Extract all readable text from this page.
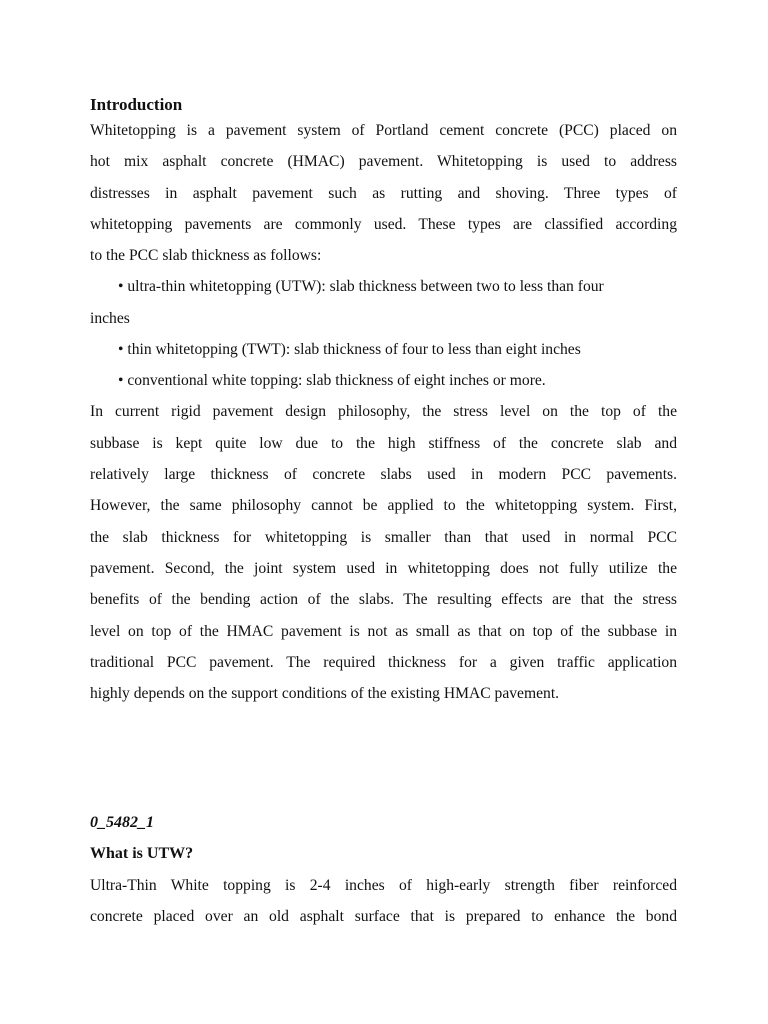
Introduction
Whitetopping is a pavement system of Portland cement concrete (PCC) placed on
hot mix asphalt concrete (HMAC) pavement. Whitetopping is used to address
distresses in asphalt pavement such as rutting and shoving. Three types of
whitetopping pavements are commonly used. These types are classified according
to the PCC slab thickness as follows:
• ultra-thin whitetopping (UTW): slab thickness between two to less than four
inches
• thin whitetopping (TWT): slab thickness of four to less than eight inches
• conventional white topping: slab thickness of eight inches or more.
In current rigid pavement design philosophy, the stress level on the top of the
subbase is kept quite low due to the high stiffness of the concrete slab and
relatively large thickness of concrete slabs used in modern PCC pavements.
However, the same philosophy cannot be applied to the whitetopping system. First,
the slab thickness for whitetopping is smaller than that used in normal PCC
pavement. Second, the joint system used in whitetopping does not fully utilize the
benefits of the bending action of the slabs. The resulting effects are that the stress
level on top of the HMAC pavement is not as small as that on top of the subbase in
traditional PCC pavement. The required thickness for a given traffic application
highly depends on the support conditions of the existing HMAC pavement.
0_5482_1
What is UTW?
Ultra-Thin White topping is 2-4 inches of high-early strength fiber reinforced
concrete placed over an old asphalt surface that is prepared to enhance the bond
